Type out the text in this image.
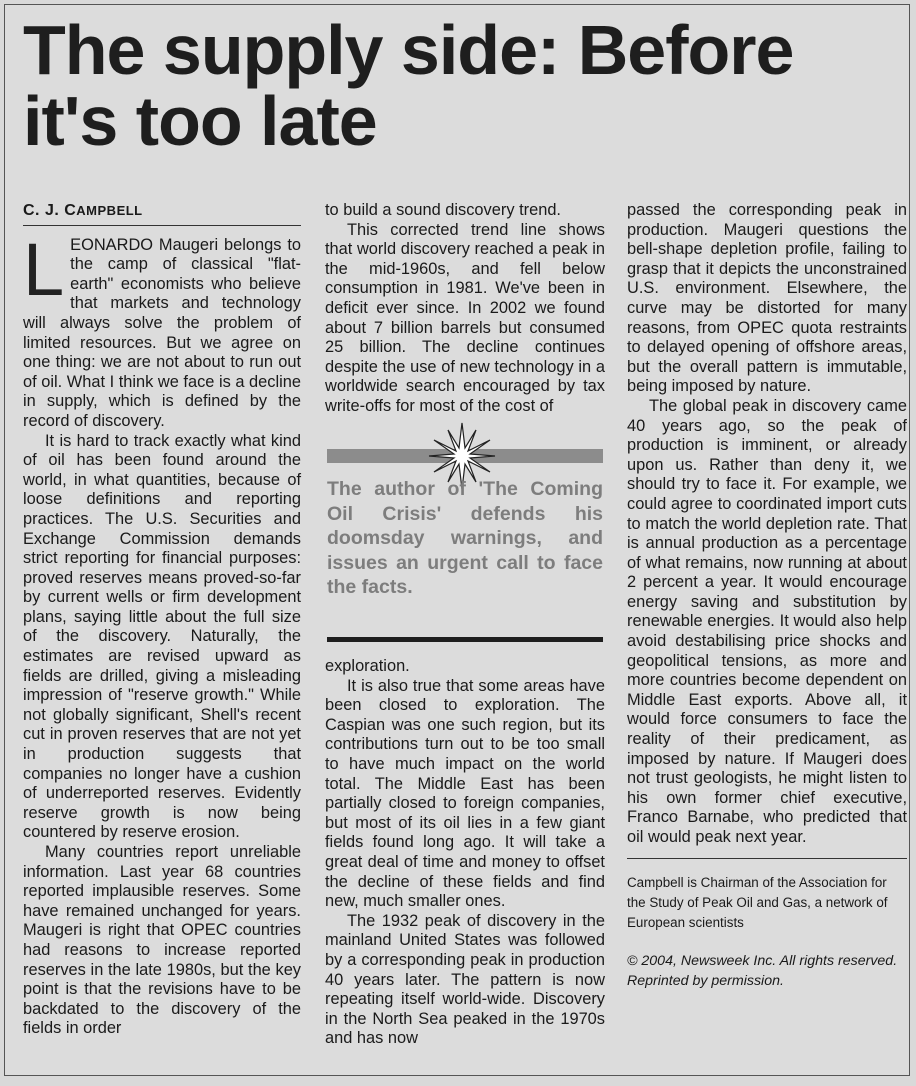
The supply side: Before it's too late
C. J. CAMPBELL

LEONARDO Maugeri belongs to the camp of classical "flat-earth" economists who believe that markets and technology will always solve the problem of limited resources. But we agree on one thing: we are not about to run out of oil. What I think we face is a decline in supply, which is defined by the record of discovery.

It is hard to track exactly what kind of oil has been found around the world, in what quantities, because of loose definitions and reporting practices. The U.S. Securities and Exchange Commission demands strict reporting for financial purposes: proved reserves means proved-so-far by current wells or firm development plans, saying little about the full size of the discovery. Naturally, the estimates are revised upward as fields are drilled, giving a misleading impression of "reserve growth." While not globally significant, Shell's recent cut in proven reserves that are not yet in production suggests that companies no longer have a cushion of underreported reserves. Evidently reserve growth is now being countered by reserve erosion.

Many countries report unreliable information. Last year 68 countries reported implausible reserves. Some have remained unchanged for years. Maugeri is right that OPEC countries had reasons to increase reported reserves in the late 1980s, but the key point is that the revisions have to be backdated to the discovery of the fields in order

to build a sound discovery trend.

This corrected trend line shows that world discovery reached a peak in the mid-1960s, and fell below consumption in 1981. We've been in deficit ever since. In 2002 we found about 7 billion barrels but consumed 25 billion. The decline continues despite the use of new technology in a worldwide search encouraged by tax write-offs for most of the cost of

The author of 'The Coming Oil Crisis' defends his doomsday warnings, and issues an urgent call to face the facts.

exploration.

It is also true that some areas have been closed to exploration. The Caspian was one such region, but its contributions turn out to be too small to have much impact on the world total. The Middle East has been partially closed to foreign companies, but most of its oil lies in a few giant fields found long ago. It will take a great deal of time and money to offset the decline of these fields and find new, much smaller ones.

The 1932 peak of discovery in the mainland United States was followed by a corresponding peak in production 40 years later. The pattern is now repeating itself world-wide. Discovery in the North Sea peaked in the 1970s and has now

passed the corresponding peak in production. Maugeri questions the bell-shape depletion profile, failing to grasp that it depicts the unconstrained U.S. environment. Elsewhere, the curve may be distorted for many reasons, from OPEC quota restraints to delayed opening of offshore areas, but the overall pattern is immutable, being imposed by nature.

The global peak in discovery came 40 years ago, so the peak of production is imminent, or already upon us. Rather than deny it, we should try to face it. For example, we could agree to coordinated import cuts to match the world depletion rate. That is annual production as a percentage of what remains, now running at about 2 percent a year. It would encourage energy saving and substitution by renewable energies. It would also help avoid destabilising price shocks and geopolitical tensions, as more and more countries become dependent on Middle East exports. Above all, it would force consumers to face the reality of their predicament, as imposed by nature. If Maugeri does not trust geologists, he might listen to his own former chief executive, Franco Barnabe, who predicted that oil would peak next year.

Campbell is Chairman of the Association for the Study of Peak Oil and Gas, a network of European scientists
© 2004, Newsweek Inc. All rights reserved. Reprinted by permission.
